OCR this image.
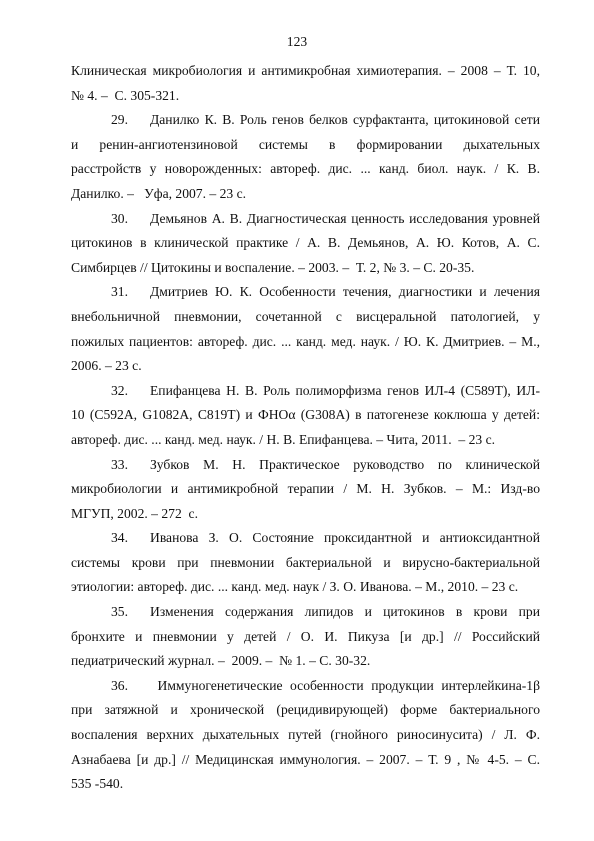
123
Клиническая микробиология и антимикробная химиотерапия. – 2008 – Т. 10,
№ 4. –  С. 305-321.
29. Данилко К. В. Роль генов белков сурфактанта, цитокиновой сети
и ренин-ангиотензиновой системы в формировании дыхательных
расстройств у новорожденных: автореф. дис. ... канд. биол. наук. / К. В.
Данилко. –   Уфа, 2007. – 23 с.
30. Демьянов А. В. Диагностическая ценность исследования уровней
цитокинов в клинической практике / А. В. Демьянов, А. Ю. Котов, А. С.
Симбирцев // Цитокины и воспаление. – 2003. –  Т. 2, № 3. – С. 20-35.
31. Дмитриев Ю. К. Особенности течения, диагностики и лечения
внебольничной пневмонии, сочетанной с висцеральной патологией, у
пожилых пациентов: автореф. дис. ... канд. мед. наук. / Ю. К. Дмитриев. – М.,
2006. – 23 с.
32. Епифанцева Н. В. Роль полиморфизма генов ИЛ-4 (С589Т), ИЛ-
10 (С592А, G1082A, С819Т) и ФНОα (G308A) в патогенезе коклюша у детей:
автореф. дис. ... канд. мед. наук. / Н. В. Епифанцева. – Чита, 2011.  – 23 с.
33. Зубков М. Н. Практическое руководство по клинической
микробиологии и антимикробной терапии / М. Н. Зубков. – М.: Изд-во
МГУП, 2002. – 272  с.
34. Иванова З. О. Состояние проксидантной и антиоксидантной
системы крови при пневмонии бактериальной и вирусно-бактериальной
этиологии: автореф. дис. ... канд. мед. наук / З. О. Иванова. – М., 2010. – 23 с.
35. Изменения содержания липидов и цитокинов в крови при
бронхите и пневмонии у детей / О. И. Пикуза [и др.] // Российский
педиатрический журнал. –  2009. –  № 1. – С. 30-32.
36. Иммуногенетические особенности продукции интерлейкина-1β
при затяжной и хронической (рецидивирующей) форме бактериального
воспаления верхних дыхательных путей (гнойного риносинусита) / Л. Ф.
Азнабаева [и др.] // Медицинская иммунология. – 2007. – Т. 9 , № 4-5. – С.
535 -540.
